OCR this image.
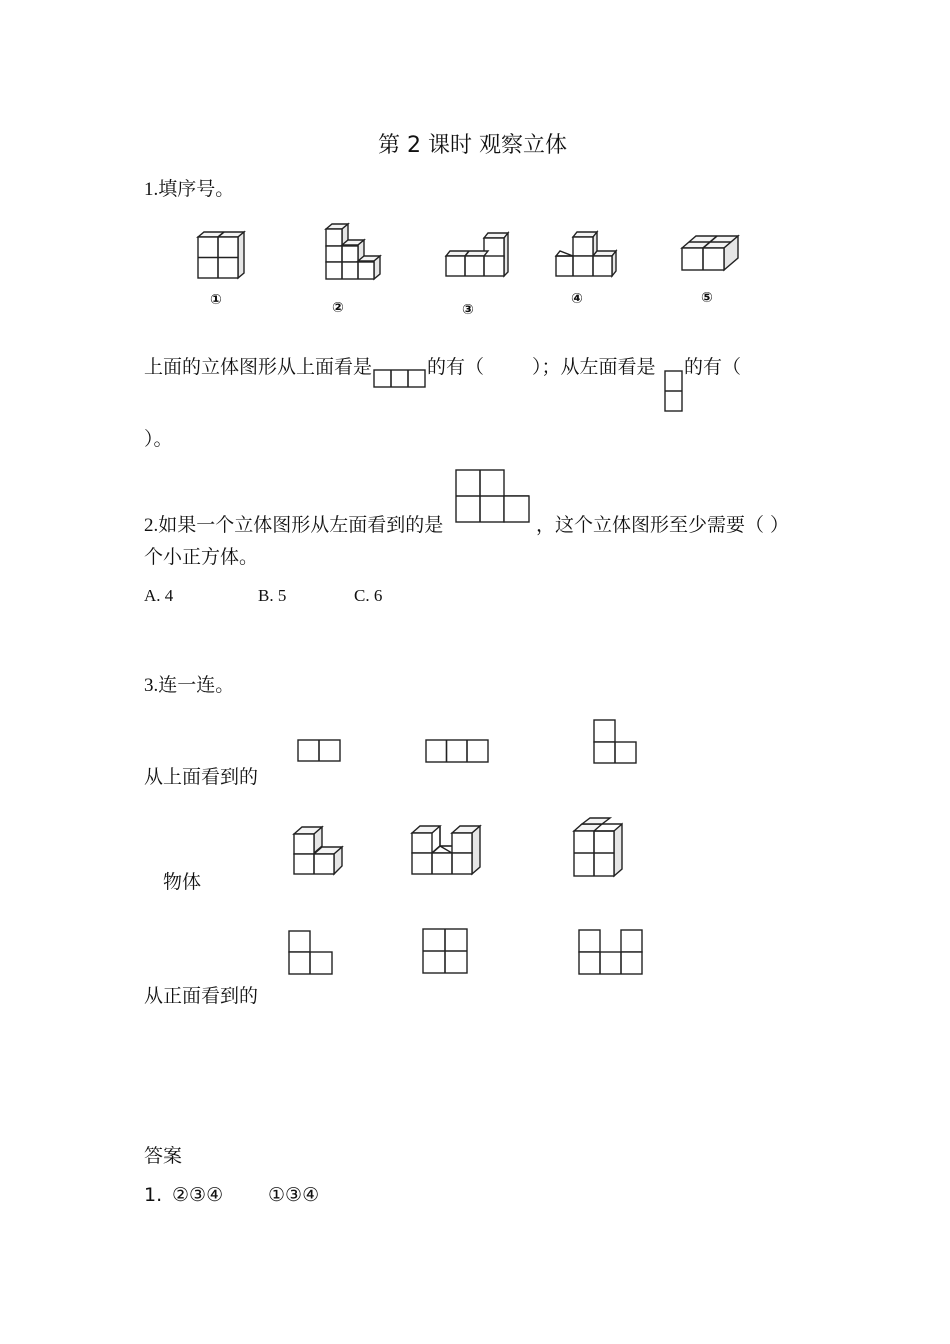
第 2 课时 观察立体
1.填序号。
①	②	③
④	⑤
上面的立体图形从上面看是	的有（	）；从左面看是 的有（
）。
2.如果一个立体图形从左面看到的是	，这个立体图形至少需要（ ）
个小正方体。
A. 4	B. 5	C. 6
3.连一连。
从上面看到的
物体
从正面看到的
答案
1. ②③④ ①③④
